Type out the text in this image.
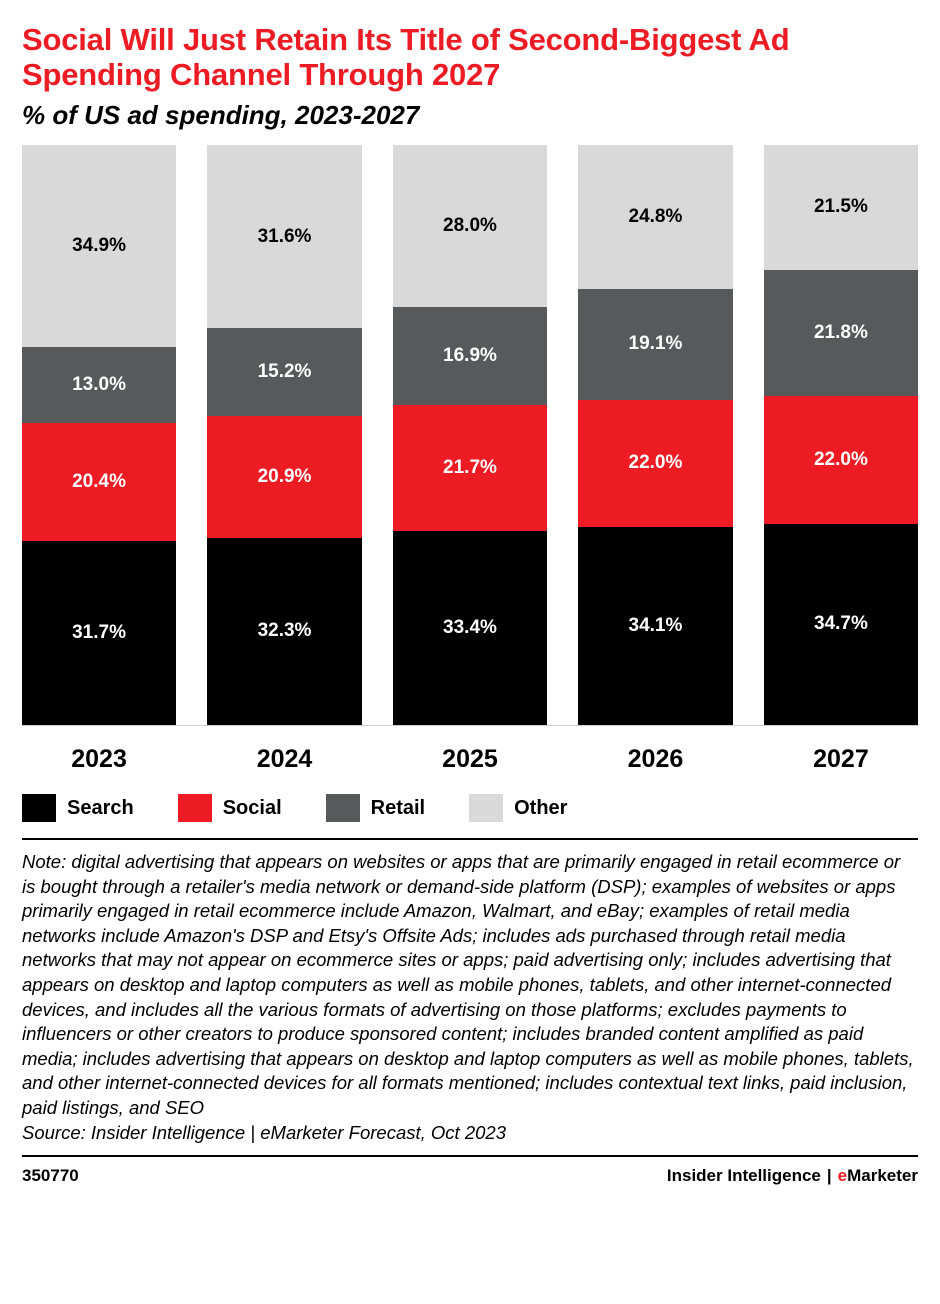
Social Will Just Retain Its Title of Second-Biggest Ad Spending Channel Through 2027
% of US ad spending, 2023-2027
34.9%
13.0%
20.4%
31.7%
31.6%
15.2%
20.9%
32.3%
28.0%
16.9%
21.7%
33.4%
24.8%
19.1%
22.0%
34.1%
21.5%
21.8%
22.0%
34.7%
2023	2024	2025	2026	2027
Search	Social	Retail	Other

Note: digital advertising that appears on websites or apps that are primarily engaged in retail ecommerce or is bought through a retailer's media network or demand-side platform (DSP); examples of websites or apps primarily engaged in retail ecommerce include Amazon, Walmart, and eBay; examples of retail media networks include Amazon's DSP and Etsy's Offsite Ads; includes ads purchased through retail media networks that may not appear on ecommerce sites or apps; paid advertising only; includes advertising that appears on desktop and laptop computers as well as mobile phones, tablets, and other internet-connected devices, and includes all the various formats of advertising on those platforms; excludes payments to influencers or other creators to produce sponsored content; includes branded content amplified as paid media; includes advertising that appears on desktop and laptop computers as well as mobile phones, tablets, and other internet-connected devices for all formats mentioned; includes contextual text links, paid inclusion, paid listings, and SEO

Source: Insider Intelligence | eMarketer Forecast, Oct 2023
350770	Insider Intelligence | eMarketer
